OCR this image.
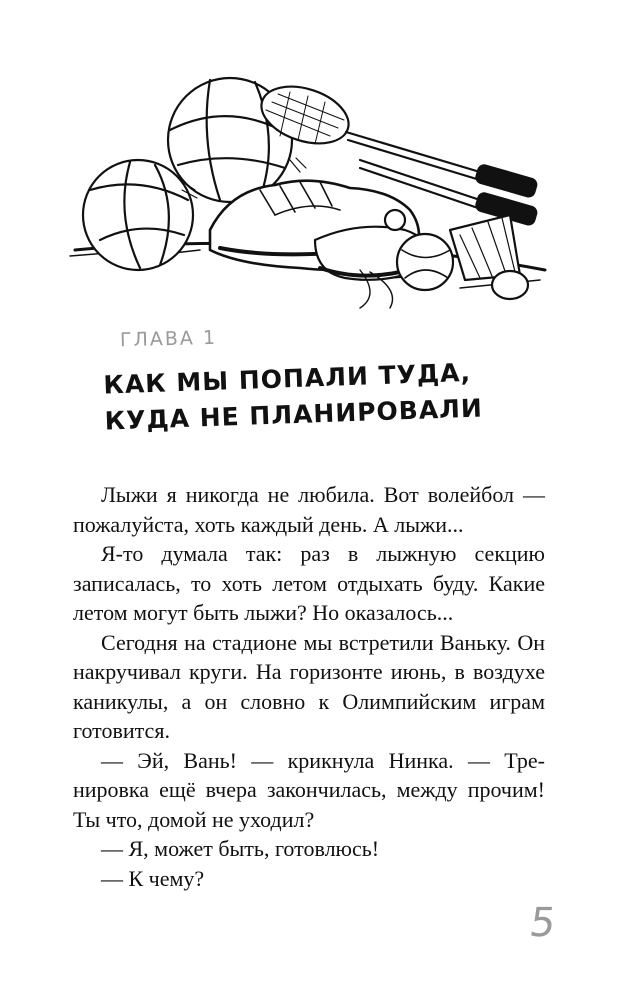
ГЛАВА 1
КАК МЫ ПОПАЛИ ТУДА,
КУДА НЕ ПЛАНИРОВАЛИ

Лыжи я никогда не любила. Вот волейбол — пожалуйста, хоть каждый день. А лыжи...

Я-то думала так: раз в лыжную секцию записалась, то хоть летом отдыхать буду. Какие летом могут быть лыжи? Но оказалось...

Сегодня на стадионе мы встретили Ваньку. Он накручивал круги. На горизонте июнь, в воздухе каникулы, а он словно к Олимпийским играм готовится.

— Эй, Вань! — крикнула Нинка. — Тренировка ещё вчера закончилась, между прочим! Ты что, домой не уходил?

— Я, может быть, готовлюсь!

— К чему?

5
